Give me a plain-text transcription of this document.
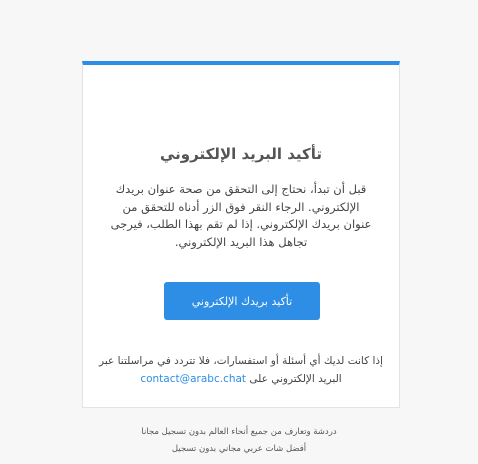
تأكيد البريد الإلكتروني
قبل أن تبدأ، نحتاج إلى التحقق من صحة عنوان بريدك الإلكتروني. الرجاء النقر فوق الزر أدناه للتحقق من عنوان بريدك الإلكتروني. إذا لم تقم بهذا الطلب، فيرجى تجاهل هذا البريد الإلكتروني.
تأكيد بريدك الإلكتروني
إذا كانت لديك أي أسئلة أو استفسارات، فلا تتردد في مراسلتنا عبر البريد الإلكتروني على contact@arabc.chat
دردشة وتعارف من جميع أنحاء العالم بدون تسجيل مجانا
أفضل شات عربي مجاني بدون تسجيل
